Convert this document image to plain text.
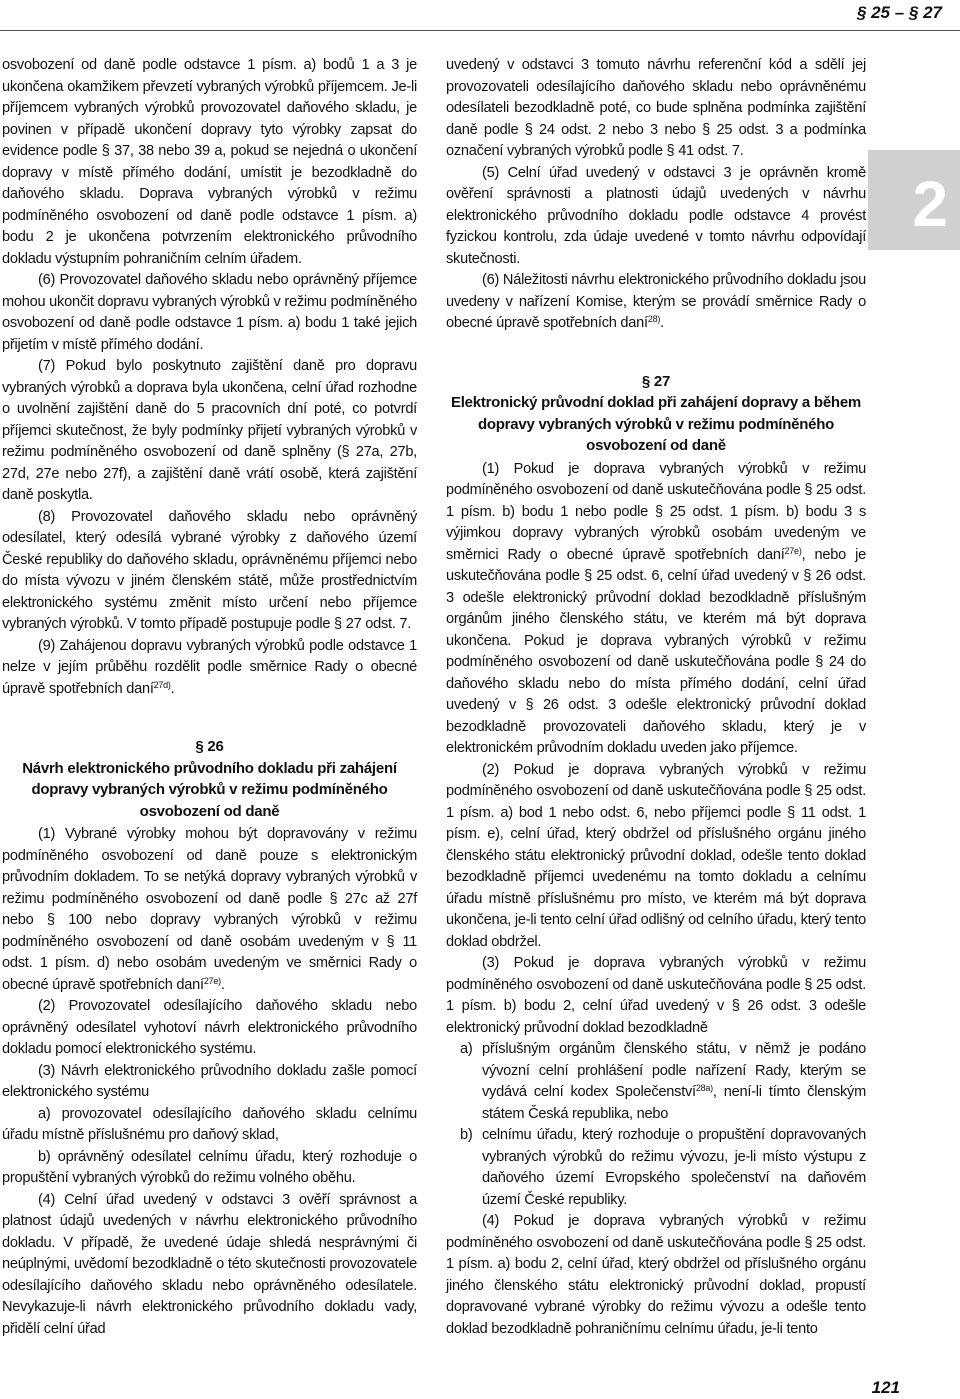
§ 25 – § 27
2

osvobození od daně podle odstavce 1 písm. a) bodů 1 a 3 je ukončena okamžikem převzetí vybraných výrobků příjemcem. Je-li příjemcem vybraných výrobků provozovatel daňového skladu, je povinen v případě ukončení dopravy tyto výrobky zapsat do evidence podle § 37, 38 nebo 39 a, pokud se nejedná o ukončení dopravy v místě přímého dodání, umístit je bezodkladně do daňového skladu. Doprava vybraných výrobků v režimu podmíněného osvobození od daně podle odstavce 1 písm. a) bodu 2 je ukončena potvrzením elektronického průvodního dokladu výstupním pohraničním celním úřadem.

(6) Provozovatel daňového skladu nebo oprávněný příjemce mohou ukončit dopravu vybraných výrobků v režimu podmíněného osvobození od daně podle odstavce 1 písm. a) bodu 1 také jejich přijetím v místě přímého dodání.

(7) Pokud bylo poskytnuto zajištění daně pro dopravu vybraných výrobků a doprava byla ukončena, celní úřad rozhodne o uvolnění zajištění daně do 5 pracovních dní poté, co potvrdí příjemci skutečnost, že byly podmínky přijetí vybraných výrobků v režimu podmíněného osvobození od daně splněny (§ 27a, 27b, 27d, 27e nebo 27f), a zajištění daně vrátí osobě, která zajištění daně poskytla.

(8) Provozovatel daňového skladu nebo oprávněný odesílatel, který odesílá vybrané výrobky z daňového území České republiky do daňového skladu, oprávněnému příjemci nebo do místa vývozu v jiném členském státě, může prostřednictvím elektronického systému změnit místo určení nebo příjemce vybraných výrobků. V tomto případě postupuje podle § 27 odst. 7.

(9) Zahájenou dopravu vybraných výrobků podle odstavce 1 nelze v jejím průběhu rozdělit podle směrnice Rady o obecné úpravě spotřebních daní$^{27d)}$.

§ 26
Návrh elektronického průvodního dokladu při zahájení dopravy vybraných výrobků v režimu podmíněného osvobození od daně

(1) Vybrané výrobky mohou být dopravovány v režimu podmíněného osvobození od daně pouze s elektronickým průvodním dokladem. To se netýká dopravy vybraných výrobků v režimu podmíněného osvobození od daně podle § 27c až 27f nebo § 100 nebo dopravy vybraných výrobků v režimu podmíněného osvobození od daně osobám uvedeným v § 11 odst. 1 písm. d) nebo osobám uvedeným ve směrnici Rady o obecné úpravě spotřebních daní$^{27e)}$.

(2) Provozovatel odesílajícího daňového skladu nebo oprávněný odesílatel vyhotoví návrh elektronického průvodního dokladu pomocí elektronického systému.

(3) Návrh elektronického průvodního dokladu zašle pomocí elektronického systému

a) provozovatel odesílajícího daňového skladu celnímu úřadu místně příslušnému pro daňový sklad,

b) oprávněný odesílatel celnímu úřadu, který rozhoduje o propuštění vybraných výrobků do režimu volného oběhu.

(4) Celní úřad uvedený v odstavci 3 ověří správnost a platnost údajů uvedených v návrhu elektronického průvodního dokladu. V případě, že uvedené údaje shledá nesprávnými či neúplnými, uvědomí bezodkladně o této skutečnosti provozovatele odesílajícího daňového skladu nebo oprávněného odesílatele. Nevykazuje-li návrh elektronického průvodního dokladu vady, přidělí celní úřad

uvedený v odstavci 3 tomuto návrhu referenční kód a sdělí jej provozovateli odesílajícího daňového skladu nebo oprávněnému odesílateli bezodkladně poté, co bude splněna podmínka zajištění daně podle § 24 odst. 2 nebo 3 nebo § 25 odst. 3 a podmínka označení vybraných výrobků podle § 41 odst. 7.

(5) Celní úřad uvedený v odstavci 3 je oprávněn kromě ověření správnosti a platnosti údajů uvedených v návrhu elektronického průvodního dokladu podle odstavce 4 provést fyzickou kontrolu, zda údaje uvedené v tomto návrhu odpovídají skutečnosti.

(6) Náležitosti návrhu elektronického průvodního dokladu jsou uvedeny v nařízení Komise, kterým se provádí směrnice Rady o obecné úpravě spotřebních daní$^{28)}$.

§ 27
Elektronický průvodní doklad při zahájení dopravy a během dopravy vybraných výrobků v režimu podmíněného osvobození od daně

(1) Pokud je doprava vybraných výrobků v režimu podmíněného osvobození od daně uskutečňována podle § 25 odst. 1 písm. b) bodu 1 nebo podle § 25 odst. 1 písm. b) bodu 3 s výjimkou dopravy vybraných výrobků osobám uvedeným ve směrnici Rady o obecné úpravě spotřebních daní$^{27e)}$, nebo je uskutečňována podle § 25 odst. 6, celní úřad uvedený v § 26 odst. 3 odešle elektronický průvodní doklad bezodkladně příslušným orgánům jiného členského státu, ve kterém má být doprava ukončena. Pokud je doprava vybraných výrobků v režimu podmíněného osvobození od daně uskutečňována podle § 24 do daňového skladu nebo do místa přímého dodání, celní úřad uvedený v § 26 odst. 3 odešle elektronický průvodní doklad bezodkladně provozovateli daňového skladu, který je v elektronickém průvodním dokladu uveden jako příjemce.

(2) Pokud je doprava vybraných výrobků v režimu podmíněného osvobození od daně uskutečňována podle § 25 odst. 1 písm. a) bod 1 nebo odst. 6, nebo příjemci podle § 11 odst. 1 písm. e), celní úřad, který obdržel od příslušného orgánu jiného členského státu elektronický průvodní doklad, odešle tento doklad bezodkladně příjemci uvedenému na tomto dokladu a celnímu úřadu místně příslušnému pro místo, ve kterém má být doprava ukončena, je-li tento celní úřad odlišný od celního úřadu, který tento doklad obdržel.

(3) Pokud je doprava vybraných výrobků v režimu podmíněného osvobození od daně uskutečňována podle § 25 odst. 1 písm. b) bodu 2, celní úřad uvedený v § 26 odst. 3 odešle elektronický průvodní doklad bezodkladně

a) příslušným orgánům členského státu, v němž je podáno vývozní celní prohlášení podle nařízení Rady, kterým se vydává celní kodex Společenství$^{28a)}$, není-li tímto členským státem Česká republika, nebo
b) celnímu úřadu, který rozhoduje o propuštění dopravovaných vybraných výrobků do režimu vývozu, je-li místo výstupu z daňového území Evropského společenství na daňovém území České republiky.

(4) Pokud je doprava vybraných výrobků v režimu podmíněného osvobození od daně uskutečňována podle § 25 odst. 1 písm. a) bodu 2, celní úřad, který obdržel od příslušného orgánu jiného členského státu elektronický průvodní doklad, propustí dopravované vybrané výrobky do režimu vývozu a odešle tento doklad bezodkladně pohraničnímu celnímu úřadu, je-li tento

121
